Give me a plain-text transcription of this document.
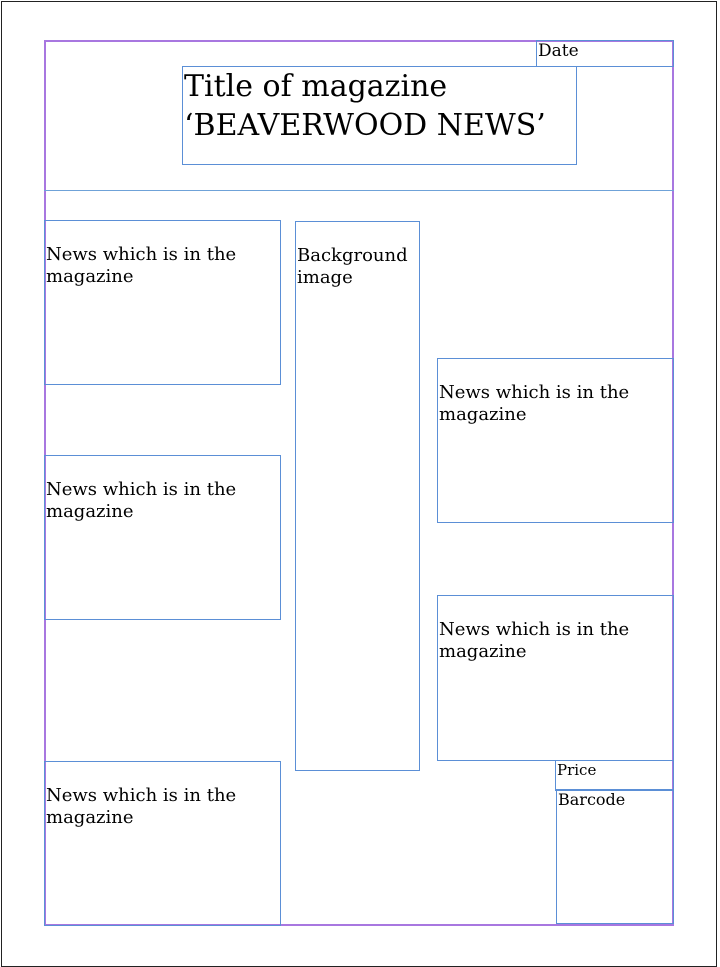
Date
Title of magazine
‘BEAVERWOOD NEWS’

News which is in the magazine

News which is in the magazine

News which is in the magazine

Background image

News which is in the magazine

News which is in the magazine

Price
Barcode
